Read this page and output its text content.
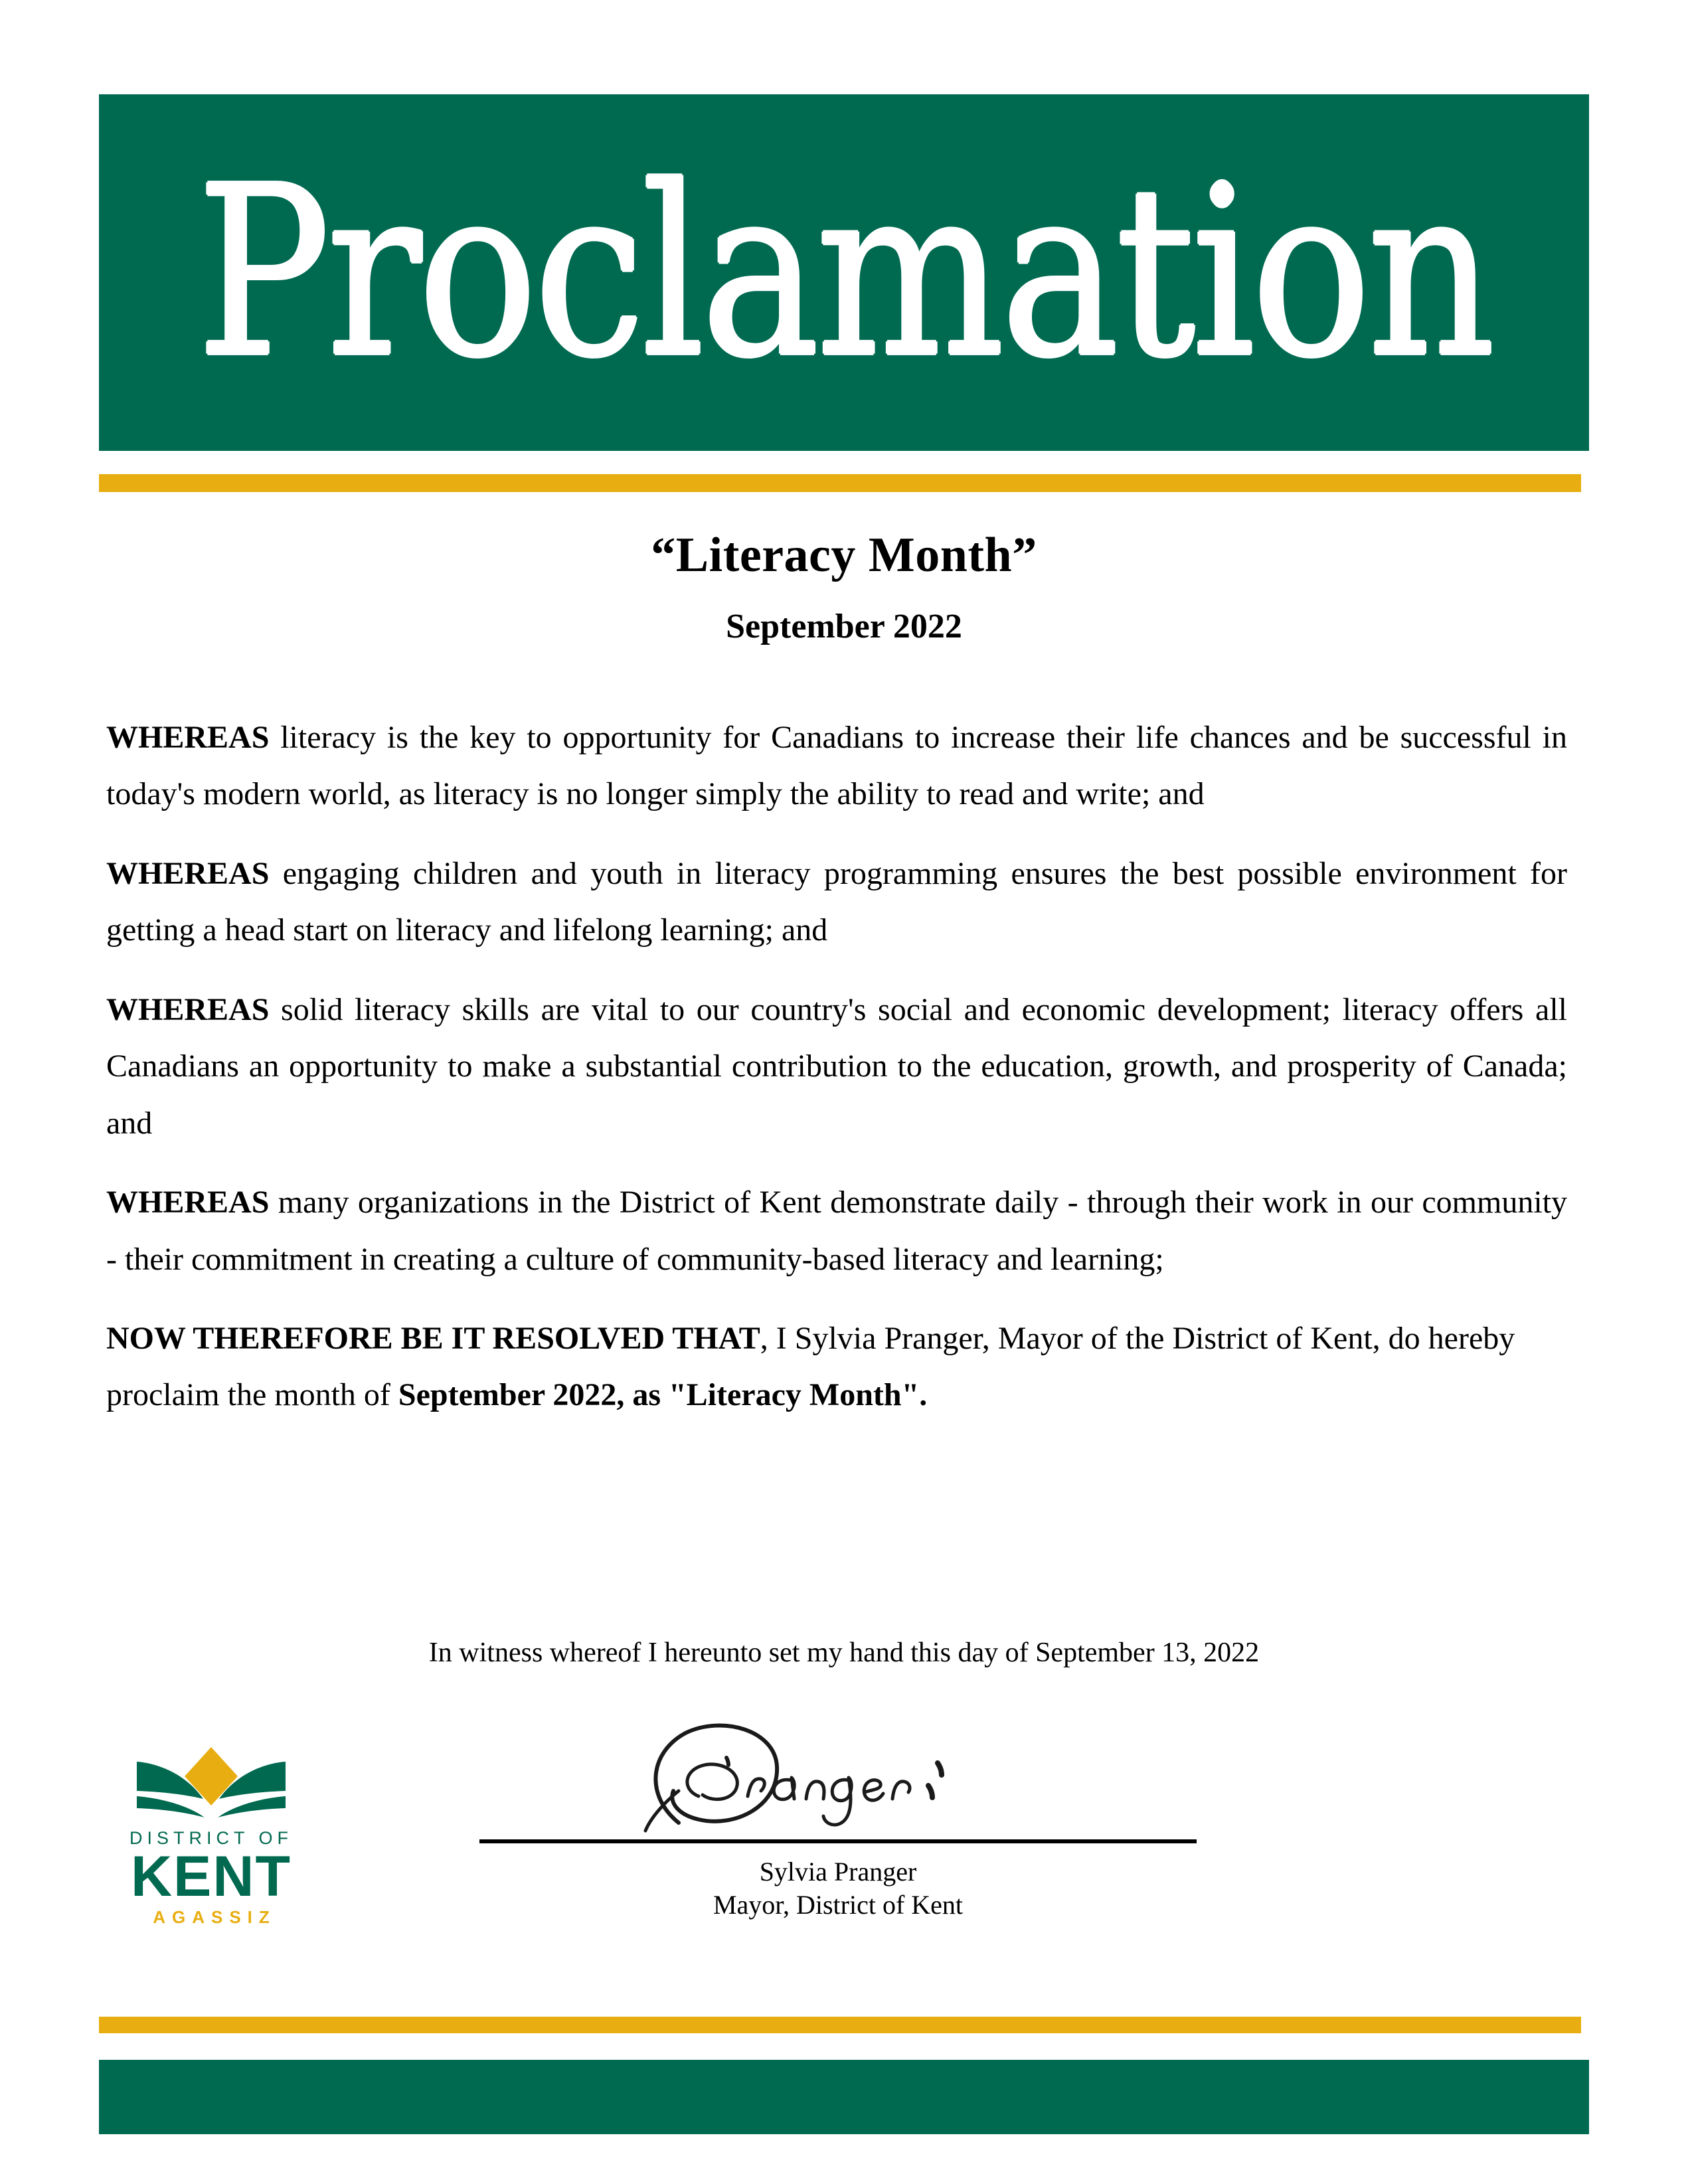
Proclamation
“Literacy Month”
September 2022

WHEREAS literacy is the key to opportunity for Canadians to increase their life chances and be successful in today's modern world, as literacy is no longer simply the ability to read and write; and

WHEREAS engaging children and youth in literacy programming ensures the best possible environment for getting a head start on literacy and lifelong learning; and

WHEREAS solid literacy skills are vital to our country's social and economic development; literacy offers all Canadians an opportunity to make a substantial contribution to the education, growth, and prosperity of Canada; and

WHEREAS many organizations in the District of Kent demonstrate daily - through their work in our community - their commitment in creating a culture of community-based literacy and learning;

NOW THEREFORE BE IT RESOLVED THAT, I Sylvia Pranger, Mayor of the District of Kent, do hereby proclaim the month of September 2022, as "Literacy Month".

In witness whereof I hereunto set my hand this day of September 13, 2022
DISTRICT OF
KENT
AGASSIZ
Sylvia Pranger
Mayor, District of Kent
